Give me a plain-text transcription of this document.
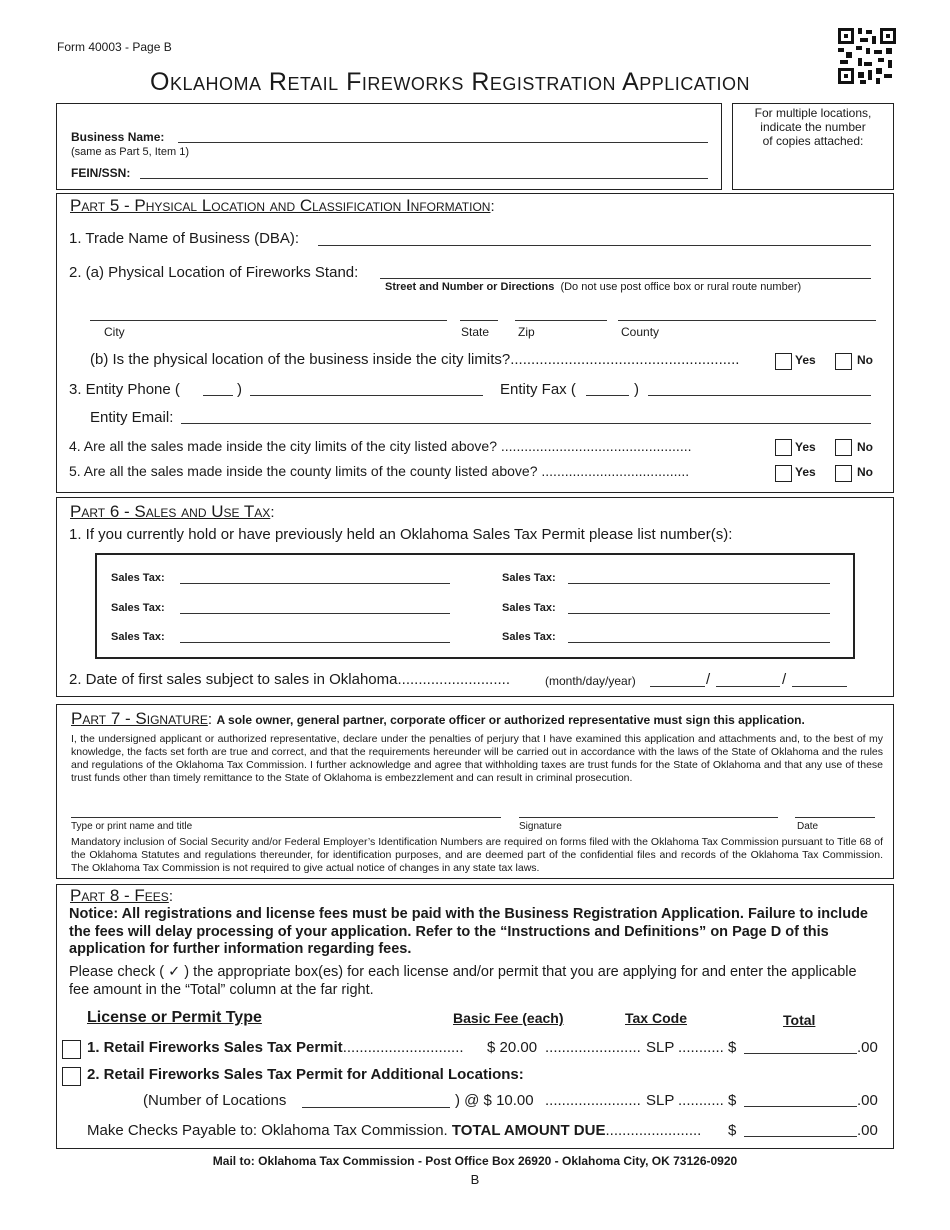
Form 40003 - Page B
Oklahoma Retail Fireworks Registration Application
Business Name:
(same as Part 5, Item 1)
FEIN/SSN:
For multiple locations,
indicate the number
of copies attached:
Part 5 - Physical Location and Classification Information:
1. Trade Name of Business (DBA):
2. (a) Physical Location of Fireworks Stand:
Street and Number or Directions (Do not use post office box or rural route number)
City	State Zip	County
(b) Is the physical location of the business inside the city limits?.......................................................	Yes	No
3. Entity Phone (	)	Entity Fax (	)
Entity Email:
4. Are all the sales made inside the city limits of the city listed above? .................................................	Yes	No
5. Are all the sales made inside the county limits of the county listed above? ......................................	Yes	No
Part 6 - Sales and Use Tax:
1. If you currently hold or have previously held an Oklahoma Sales Tax Permit please list number(s):
Sales Tax:	Sales Tax:
Sales Tax:	Sales Tax:
Sales Tax:	Sales Tax:
2. Date of first sales subject to sales in Oklahoma...........................	(month/day/year)	/	/
Part 7 - Signature: A sole owner, general partner, corporate officer or authorized representative must sign this application.
I, the undersigned applicant or authorized representative, declare under the penalties of perjury that I have examined this application and attachments and, to the best of my knowledge, the facts set forth are true and correct, and that the requirements hereunder will be carried out in accordance with the laws of the State of Oklahoma and the rules and regulations of the Oklahoma Tax Commission. I further acknowledge and agree that withholding taxes are trust funds for the State of Oklahoma and that any use of these trust funds other than timely remittance to the State of Oklahoma is embezzlement and can result in criminal prosecution.
Type or print name and title	Signature	Date
Mandatory inclusion of Social Security and/or Federal Employer’s Identification Numbers are required on forms filed with the Oklahoma Tax Commission pursuant to Title 68 of the Oklahoma Statutes and regulations thereunder, for identification purposes, and are deemed part of the confidential files and records of the Oklahoma Tax Commission. The Oklahoma Tax Commission is not required to give actual notice of changes in any state tax laws.
Part 8 - Fees:
Notice: All registrations and license fees must be paid with the Business Registration Application. Failure to include the fees will delay processing of your application. Refer to the “Instructions and Definitions” on Page D of this application for further information regarding fees.
Please check ( ✓ ) the appropriate box(es) for each license and/or permit that you are applying for and enter the applicable fee amount in the “Total” column at the far right.
License or Permit Type	Basic Fee (each)	Tax Code	Total
1. Retail Fireworks Sales Tax Permit............................. $ 20.00 ....................... SLP ........... $	.00
2. Retail Fireworks Sales Tax Permit for Additional Locations:
(Number of Locations	) @ $ 10.00 ....................... SLP ........... $	.00
Make Checks Payable to: Oklahoma Tax Commission. TOTAL AMOUNT DUE....................... $	.00
Mail to: Oklahoma Tax Commission - Post Office Box 26920 - Oklahoma City, OK 73126-0920
B
